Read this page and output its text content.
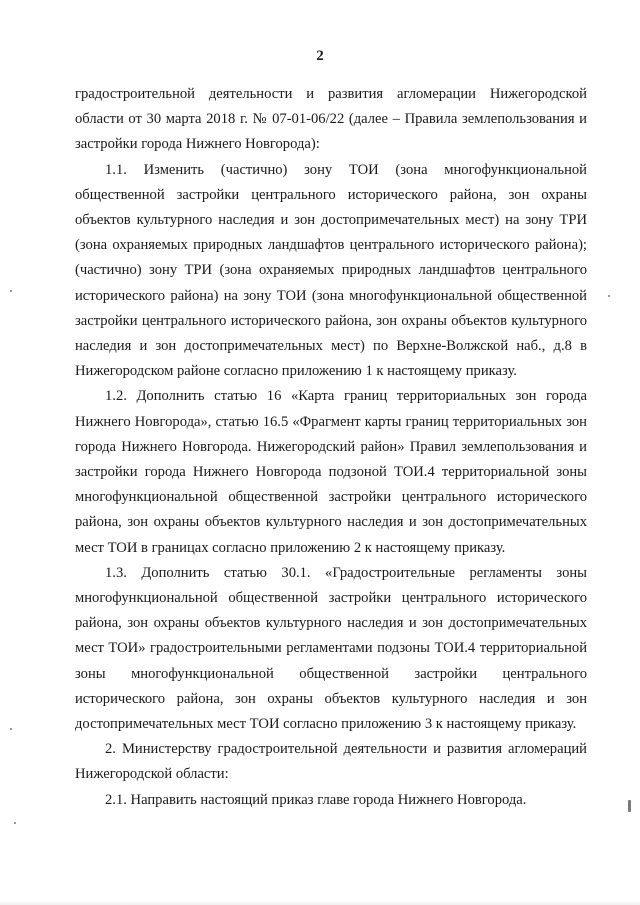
2

градостроительной деятельности и развития агломерации Нижегородской области от 30 марта 2018 г. № 07-01-06/22 (далее – Правила землепользования и застройки города Нижнего Новгорода):

1.1. Изменить (частично) зону ТОИ (зона многофункциональной общественной застройки центрального исторического района, зон охраны объектов культурного наследия и зон достопримечательных мест) на зону ТРИ (зона охраняемых природных ландшафтов центрального исторического района); (частично) зону ТРИ (зона охраняемых природных ландшафтов центрального исторического района) на зону ТОИ (зона многофункциональной общественной застройки центрального исторического района, зон охраны объектов культурного наследия и зон достопримечательных мест) по Верхне-Волжской наб., д.8 в Нижегородском районе согласно приложению 1 к настоящему приказу.

1.2. Дополнить статью 16 «Карта границ территориальных зон города Нижнего Новгорода», статью 16.5 «Фрагмент карты границ территориальных зон города Нижнего Новгорода. Нижегородский район» Правил землепользования и застройки города Нижнего Новгорода подзоной ТОИ.4 территориальной зоны многофункциональной общественной застройки центрального исторического района, зон охраны объектов культурного наследия и зон достопримечательных мест ТОИ в границах согласно приложению 2 к настоящему приказу.

1.3. Дополнить статью 30.1. «Градостроительные регламенты зоны многофункциональной общественной застройки центрального исторического района, зон охраны объектов культурного наследия и зон достопримечательных мест ТОИ» градостроительными регламентами подзоны ТОИ.4 территориальной зоны многофункциональной общественной застройки центрального исторического района, зон охраны объектов культурного наследия и зон достопримечательных мест ТОИ согласно приложению 3 к настоящему приказу.

2. Министерству градостроительной деятельности и развития агломераций Нижегородской области:

2.1. Направить настоящий приказ главе города Нижнего Новгорода.
